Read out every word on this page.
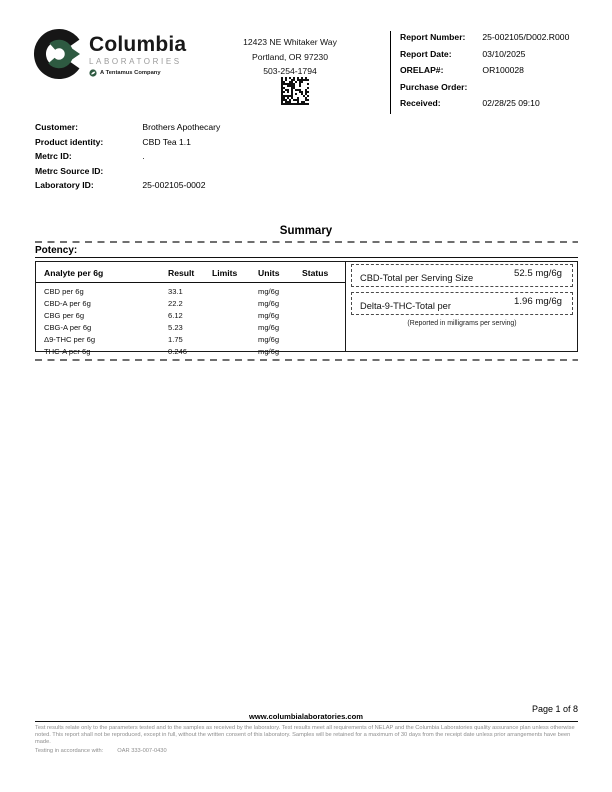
Columbia
LABORATORIES
A Tentamus Company
12423 NE Whitaker Way
Portland, OR 97230
503-254-1794
Report Number: 25-002105/D002.R000
Report Date:	03/10/2025
ORELAP#:	OR100028
Purchase Order:
Received:	02/28/25 09:10
Customer:	Brothers Apothecary
Product identity:	CBD Tea 1.1
Metrc ID:	.
Metrc Source ID:
Laboratory ID:	25-002105-0002
Summary
Potency:
Analyte per 6g	Result Limits Units	Status
CBD per 6g	33.1	mg/6g
CBD-A per 6g	22.2	mg/6g
CBG per 6g	6.12	mg/6g
CBG-A per 6g	5.23	mg/6g
Δ9-THC per 6g	1.75	mg/6g
THC-A per 6g	0.246	mg/6g
CBD-Total per Serving Size	52.5 mg/6g
Delta-9-THC-Total per	1.96 mg/6g
(Reported in milligrams per serving)
Page 1 of 8
www.columbialaboratories.com
Test results relate only to the parameters tested and to the samples as received by the laboratory. Test results meet all requirements of NELAP and the Columbia Laboratories quality assurance plan unless otherwise noted. This report shall not be reproduced, except in full, without the written consent of this laboratory. Samples will be retained for a maximum of 30 days from the receipt date unless prior arrangements have been made.
Testing in accordance with: OAR 333-007-0430
